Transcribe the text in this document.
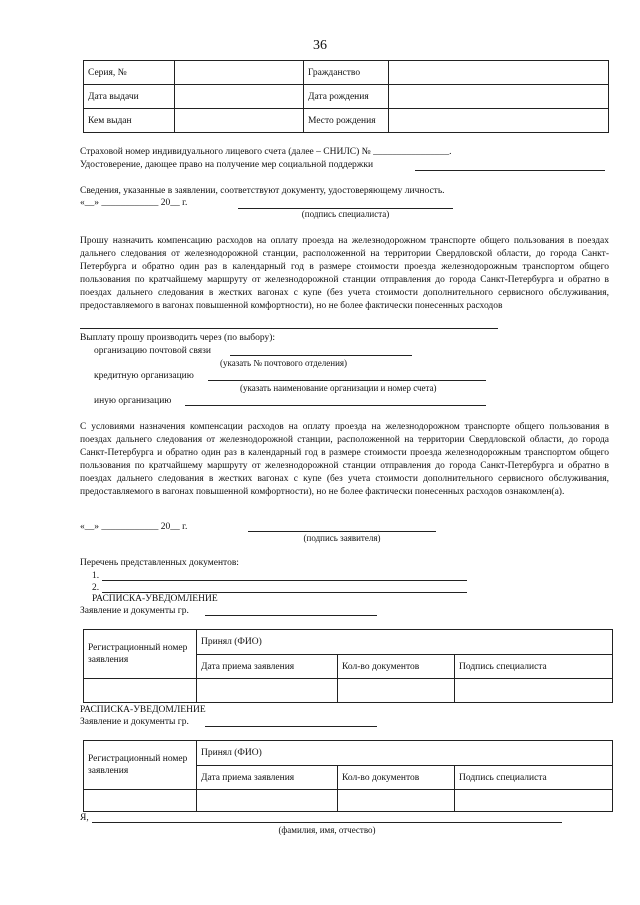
36
Серия, №		Гражданство	
Дата выдачи		Дата рождения	
Кем выдан		Место рождения	
Страховой номер индивидуального лицевого счета (далее – СНИЛС) № ________________.
Удостоверение, дающее право на получение мер социальной поддержки
Сведения, указанные в заявлении, соответствуют документу, удостоверяющему личность.
«__» ____________ 20__ г.
(подпись специалиста)
Прошу назначить компенсацию расходов на оплату проезда на железнодорожном транспорте общего пользования в поездах дальнего следования от железнодорожной станции, расположенной на территории Свердловской области, до города Санкт-Петербурга и обратно один раз в календарный год в размере стоимости проезда железнодорожным транспортом общего пользования по кратчайшему маршруту от железнодорожной станции отправления до города Санкт-Петербурга и обратно в поездах дальнего следования в жестких вагонах с купе (без учета стоимости дополнительного сервисного обслуживания, предоставляемого в вагонах повышенной комфортности), но не более фактически понесенных расходов
Выплату прошу производить через (по выбору):
организацию почтовой связи
(указать № почтового отделения)
кредитную организацию
(указать наименование организации и номер счета)
иную организацию
С условиями назначения компенсации расходов на оплату проезда на железнодорожном транспорте общего пользования в поездах дальнего следования от железнодорожной станции, расположенной на территории Свердловской области, до города Санкт-Петербурга и обратно один раз в календарный год в размере стоимости проезда железнодорожным транспортом общего пользования по кратчайшему маршруту от железнодорожной станции отправления до города Санкт-Петербурга и обратно в поездах дальнего следования в жестких вагонах с купе (без учета стоимости дополнительного сервисного обслуживания, предоставляемого в вагонах повышенной комфортности), но не более фактически понесенных расходов ознакомлен(а).
«__» ____________ 20__ г.
(подпись заявителя)
Перечень представленных документов:
1.
2.
РАСПИСКА-УВЕДОМЛЕНИЕ
Заявление и документы гр.
Регистрационный номер заявления	Принял (ФИО)		
	Дата приема заявления	Кол-во документов	Подпись специалиста

РАСПИСКА-УВЕДОМЛЕНИЕ
Заявление и документы гр.
Регистрационный номер заявления	Принял (ФИО)		
	Дата приема заявления	Кол-во документов	Подпись специалиста

Я,
(фамилия, имя, отчество)
